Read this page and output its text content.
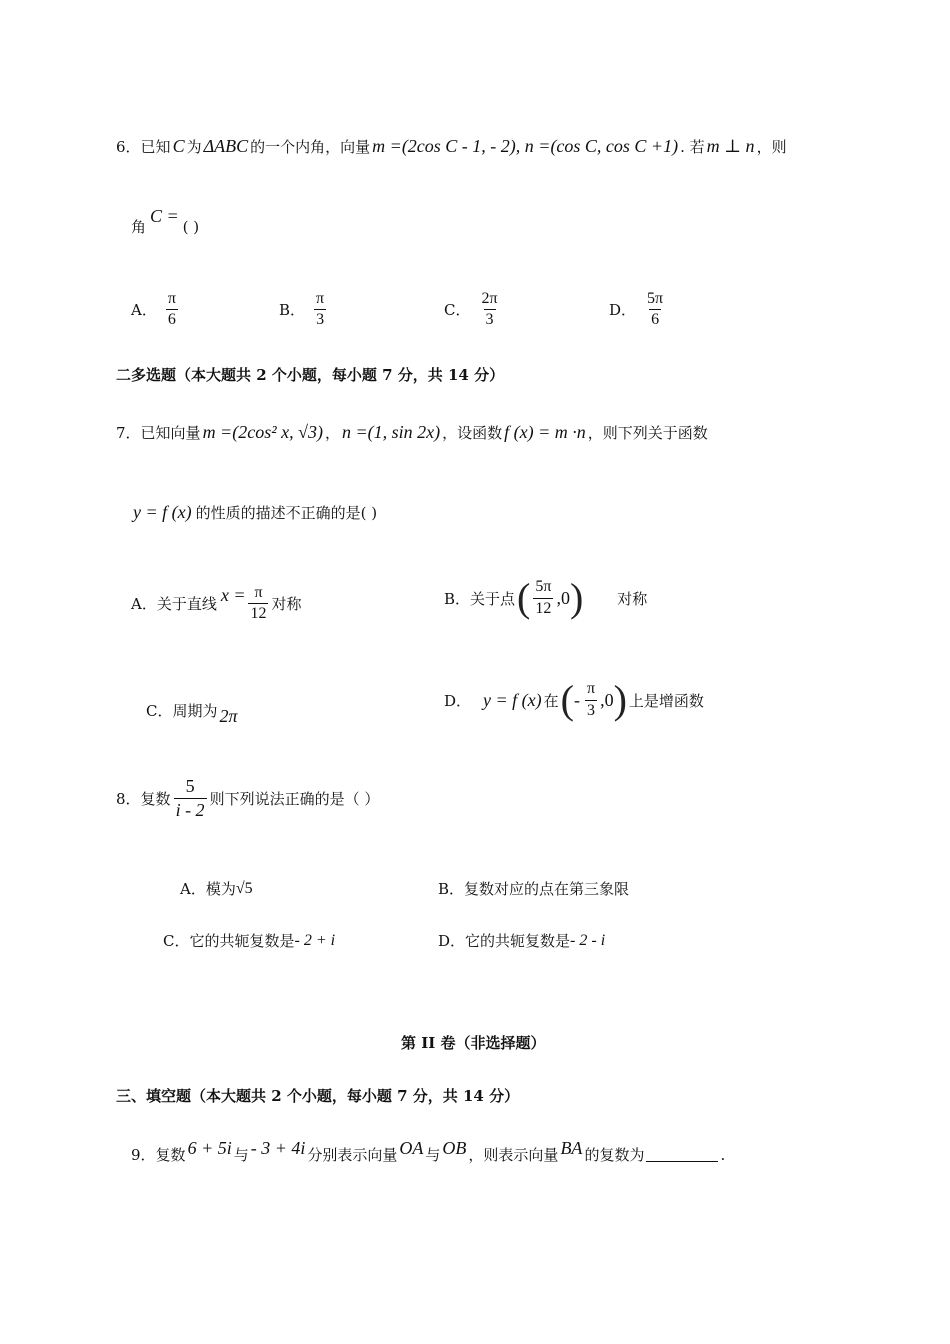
6． 已知 C 为 ΔABC 的一个内角，向量 m =(2cos C - 1, - 2), n =(cos C, cos C +1) . 若 m ⊥ n ，则
角
C =
( )
A． $\frac{\pi}{6}$	B． $\frac{\pi}{3}$	C． $\frac{2\pi}{3}$	D． $\frac{5\pi}{6}$
二多选题（本大题共 2 个小题，每小题 7 分，共 14 分）
7． 已知向量 m =(2cos² x, √3) ， n =(1, sin 2x) ，设函数 f (x) = m ·n ，则下列关于函数
y = f (x) 的性质的描述不正确的是( )
A．关于直线 $x = \frac{\pi}{12}$ 对称	B．关于点 ( $\frac{5\pi}{12} ,0$ ) 对称
C．周期为 2π
D． y = f (x) 在 ( - $\frac{\pi}{3} ,0$ ) 上是增函数
8． 复数 $\frac{5}{i - 2}$ 则下列说法正确的是（ ）
A．模为 √5	B．复数对应的点在第三象限
C．它的共轭复数是 - 2 + i	D．它的共轭复数是 - 2 - i
第 II 卷（非选择题）
三、填空题（本大题共 2 个小题，每小题 7 分，共 14 分）
9． 复数 6 + 5i 与 - 3 + 4i 分别表示向量 OA 与 OB ，则表示向量 BA 的复数为	.
